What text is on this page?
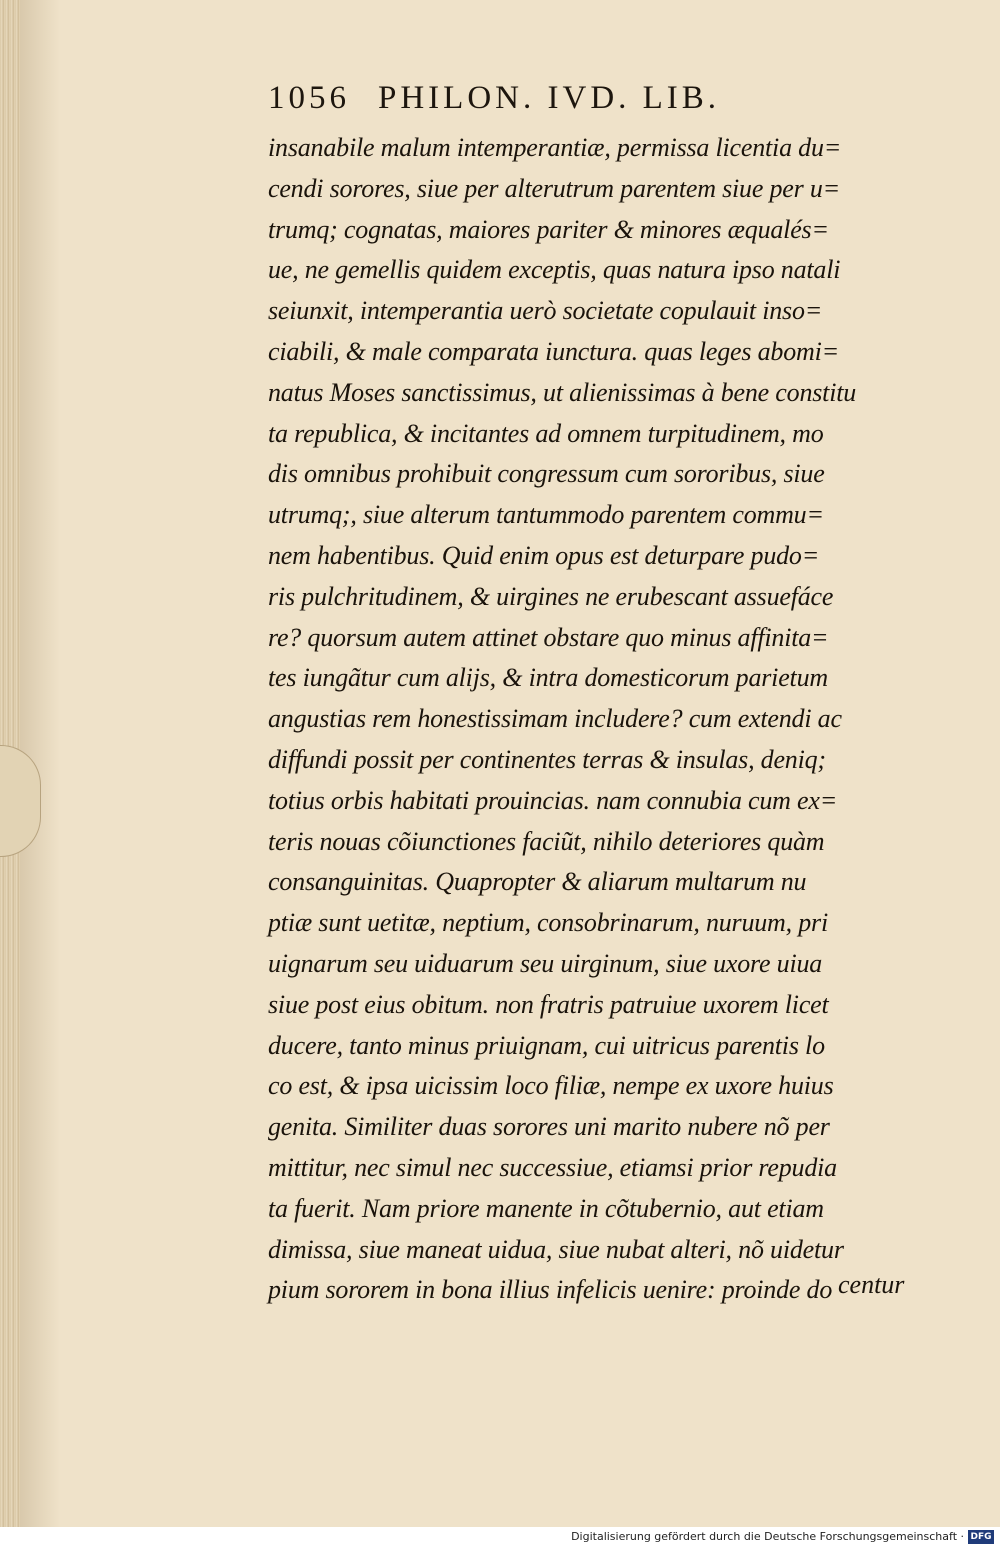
1056 PHILON. IVD. LIB.
insanabile malum intemperantiæ, permissa licentia du=
cendi sorores, siue per alterutrum parentem siue per u=
trumq; cognatas, maiores pariter & minores æqualés=
ue, ne gemellis quidem exceptis, quas natura ipso natali
seiunxit, intemperantia uerò societate copulauit inso=
ciabili, & male comparata iunctura. quas leges abomi=
natus Moses sanctissimus, ut alienissimas à bene constitu
ta republica, & incitantes ad omnem turpitudinem, mo
dis omnibus prohibuit congressum cum sororibus, siue
utrumq;, siue alterum tantummodo parentem commu=
nem habentibus. Quid enim opus est deturpare pudo=
ris pulchritudinem, & uirgines ne erubescant assuefáce
re? quorsum autem attinet obstare quo minus affinita=
tes iungãtur cum alijs, & intra domesticorum parietum
angustias rem honestissimam includere? cum extendi ac
diffundi possit per continentes terras & insulas, deniq;
totius orbis habitati prouincias. nam connubia cum ex=
teris nouas cõiunctiones faciũt, nihilo deteriores quàm
consanguinitas. Quapropter & aliarum multarum nu
ptiæ sunt uetitæ, neptium, consobrinarum, nuruum, pri
uignarum seu uiduarum seu uirginum, siue uxore uiua
siue post eius obitum. non fratris patruiue uxorem licet
ducere, tanto minus priuignam, cui uitricus parentis lo
co est, & ipsa uicissim loco filiæ, nempe ex uxore huius
genita. Similiter duas sorores uni marito nubere nõ per
mittitur, nec simul nec successiue, etiamsi prior repudia
ta fuerit. Nam priore manente in cõtubernio, aut etiam
dimissa, siue maneat uidua, siue nubat alteri, nõ uidetur
pium sororem in bona illius infelicis uenire: proinde do centur
Digitalisierung gefördert durch die Deutsche Forschungsgemeinschaft · DFG
